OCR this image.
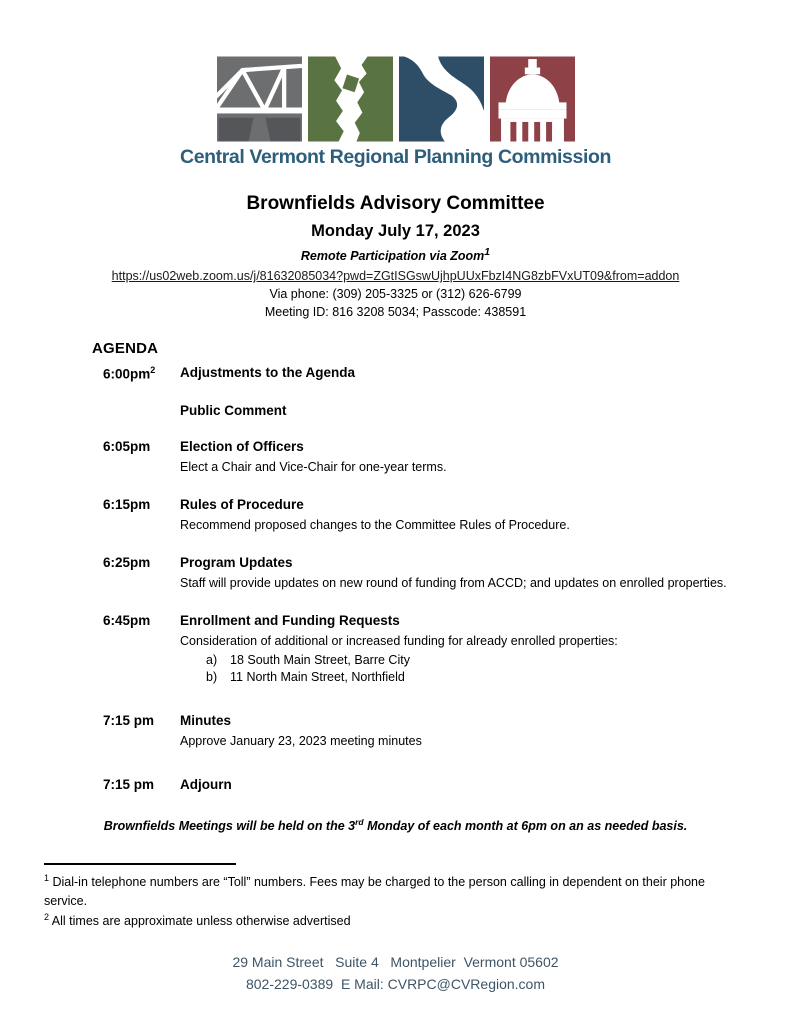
Central Vermont Regional Planning Commission
Brownfields Advisory Committee
Monday July 17, 2023
Remote Participation via Zoom$^1$
https://us02web.zoom.us/j/81632085034?pwd=ZGtISGswUjhpUUxFbzI4NG8zbFVxUT09&from=addon
Via phone: (309) 205-3325 or (312) 626-6799
Meeting ID: 816 3208 5034; Passcode: 438591
AGENDA
$6:00pm^2$	Adjustments to the Agenda
Public Comment
6:05pm	Election of Officers
Elect a Chair and Vice-Chair for one-year terms.
6:15pm	Rules of Procedure
Recommend proposed changes to the Committee Rules of Procedure.
6:25pm	Program Updates
Staff will provide updates on new round of funding from ACCD; and updates on enrolled properties.
6:45pm	Enrollment and Funding Requests
Consideration of additional or increased funding for already enrolled properties:
a)	18 South Main Street, Barre City
b)	11 North Main Street, Northfield
7:15 pm	Minutes
Approve January 23, 2023 meeting minutes
7:15 pm	Adjourn
Brownfields Meetings will be held on the 3rd Monday of each month at 6pm on an as needed basis.
$^1$ Dial-in telephone numbers are “Toll” numbers. Fees may be charged to the person calling in dependent on their phone service.
$^2$ All times are approximate unless otherwise advertised
29 Main Street   Suite 4   Montpelier  Vermont 05602
802-229-0389  E Mail: CVRPC@CVRegion.com
